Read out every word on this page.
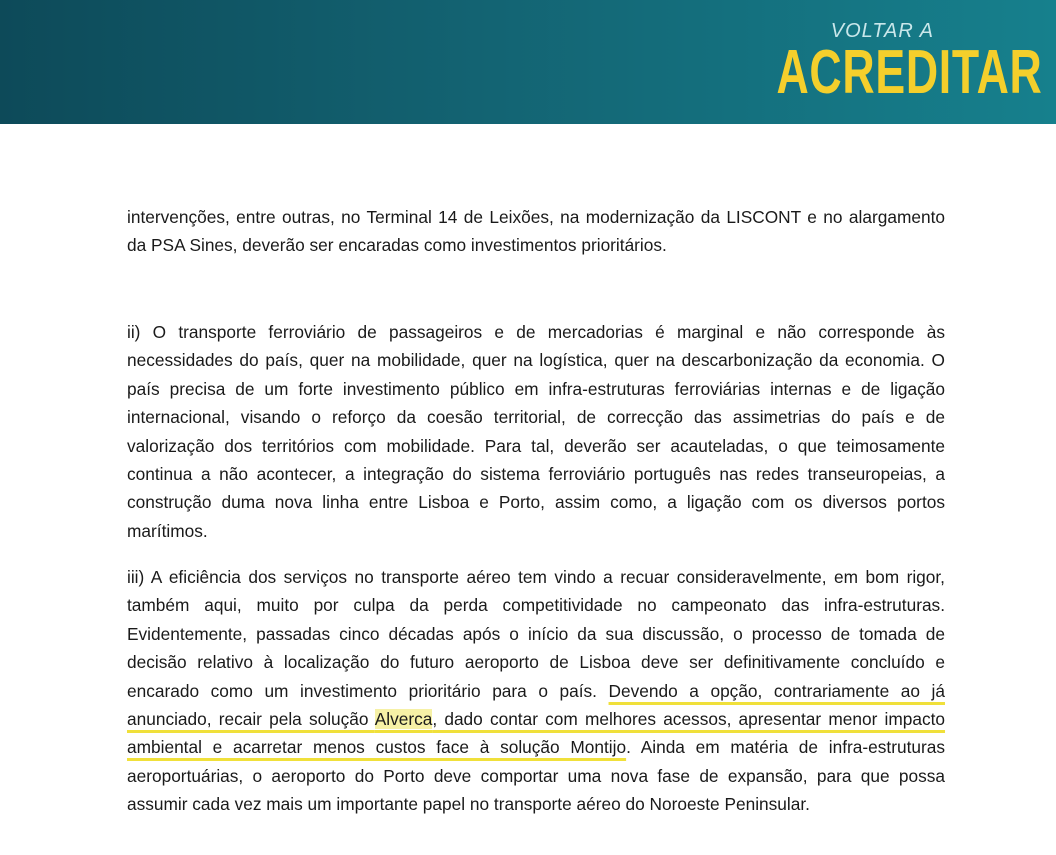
VOLTAR A
ACREDITAR

intervenções, entre outras, no Terminal 14 de Leixões, na modernização da LISCONT e no alargamento da PSA Sines, deverão ser encaradas como investimentos prioritários.

ii) O transporte ferroviário de passageiros e de mercadorias é marginal e não corresponde às necessidades do país, quer na mobilidade, quer na logística, quer na descarbonização da economia. O país precisa de um forte investimento público em infra-estruturas ferroviárias internas e de ligação internacional, visando o reforço da coesão territorial, de correcção das assimetrias do país e de valorização dos territórios com mobilidade. Para tal, deverão ser acauteladas, o que teimosamente continua a não acontecer, a integração do sistema ferroviário português nas redes transeuropeias, a construção duma nova linha entre Lisboa e Porto, assim como, a ligação com os diversos portos marítimos.

iii) A eficiência dos serviços no transporte aéreo tem vindo a recuar consideravelmente, em bom rigor, também aqui, muito por culpa da perda competitividade no campeonato das infra-estruturas. Evidentemente, passadas cinco décadas após o início da sua discussão, o processo de tomada de decisão relativo à localização do futuro aeroporto de Lisboa deve ser definitivamente concluído e encarado como um investimento prioritário para o país. Devendo a opção, contrariamente ao já anunciado, recair pela solução Alverca, dado contar com melhores acessos, apresentar menor impacto ambiental e acarretar menos custos face à solução Montijo. Ainda em matéria de infra-estruturas aeroportuárias, o aeroporto do Porto deve comportar uma nova fase de expansão, para que possa assumir cada vez mais um importante papel no transporte aéreo do Noroeste Peninsular.
